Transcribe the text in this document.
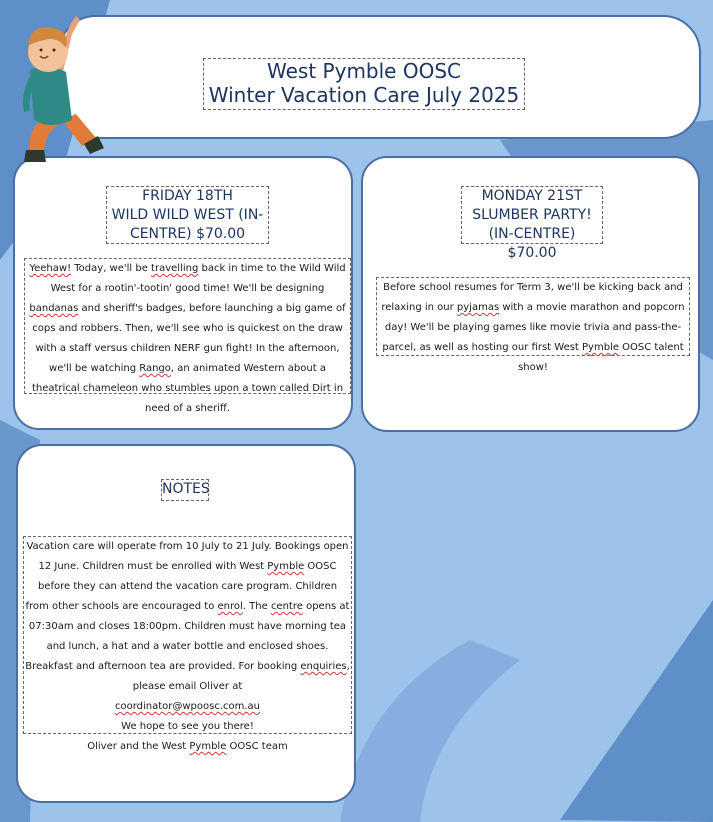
West Pymble OOSC
Winter Vacation Care July 2025
FRIDAY 18TH
WILD WILD WEST (IN-
CENTRE) $70.00
Yeehaw! Today, we'll be travelling back in time to the Wild Wild West for a rootin'-tootin' good time! We'll be designing bandanas and sheriff's badges, before launching a big game of cops and robbers. Then, we'll see who is quickest on the draw with a staff versus children NERF gun fight! In the afternoon, we'll be watching Rango, an animated Western about a theatrical chameleon who stumbles upon a town called Dirt in need of a sheriff.
MONDAY 21ST
SLUMBER PARTY!
(IN-CENTRE) $70.00
Before school resumes for Term 3, we'll be kicking back and relaxing in our pyjamas with a movie marathon and popcorn day! We'll be playing games like movie trivia and pass-the-parcel, as well as hosting our first West Pymble OOSC talent show!
NOTES
Vacation care will operate from 10 July to 21 July. Bookings open 12 June. Children must be enrolled with West Pymble OOSC before they can attend the vacation care program. Children from other schools are encouraged to enrol. The centre opens at 07:30am and closes 18:00pm. Children must have morning tea and lunch, a hat and a water bottle and enclosed shoes. Breakfast and afternoon tea are provided. For booking enquiries, please email Oliver at
coordinator@wpoosc.com.au
We hope to see you there!
Oliver and the West Pymble OOSC team
